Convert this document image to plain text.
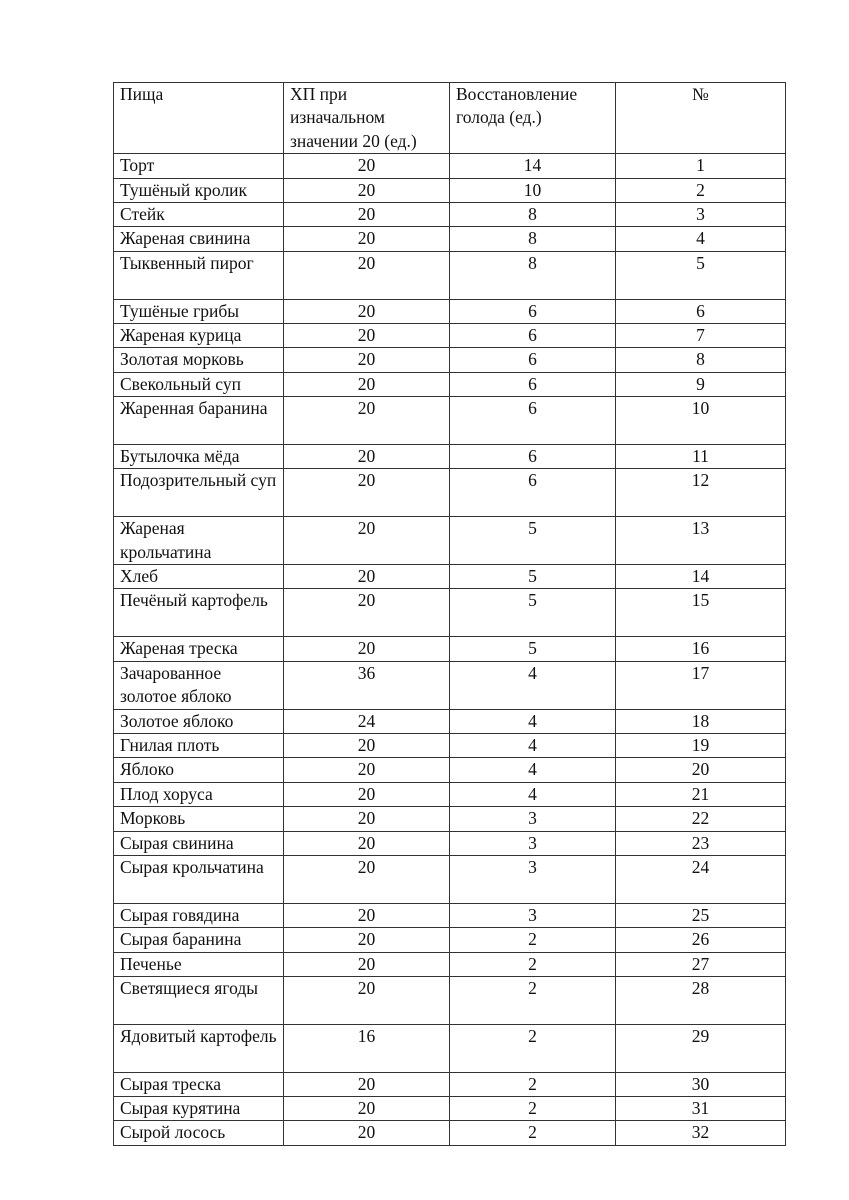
Пища	ХП при изначальном значении 20 (ед.)	Восстановление голода (ед.)	№
Торт	20	14	1
Тушёный кролик	20	10	2
Стейк	20	8	3
Жареная свинина	20	8	4
Тыквенный пирог	20	8	5
Тушёные грибы	20	6	6
Жареная курица	20	6	7
Золотая морковь	20	6	8
Свекольный суп	20	6	9
Жаренная баранина	20	6	10
Бутылочка мёда	20	6	11
Подозрительный суп	20	6	12
Жареная крольчатина	20	5	13
Хлеб	20	5	14
Печёный картофель	20	5	15
Жареная треска	20	5	16
Зачарованное золотое яблоко	36	4	17
Золотое яблоко	24	4	18
Гнилая плоть	20	4	19
Яблоко	20	4	20
Плод хоруса	20	4	21
Морковь	20	3	22
Сырая свинина	20	3	23
Сырая крольчатина	20	3	24
Сырая говядина	20	3	25
Сырая баранина	20	2	26
Печенье	20	2	27
Светящиеся ягоды	20	2	28
Ядовитый картофель	16	2	29
Сырая треска	20	2	30
Сырая курятина	20	2	31
Сырой лосось	20	2	32
